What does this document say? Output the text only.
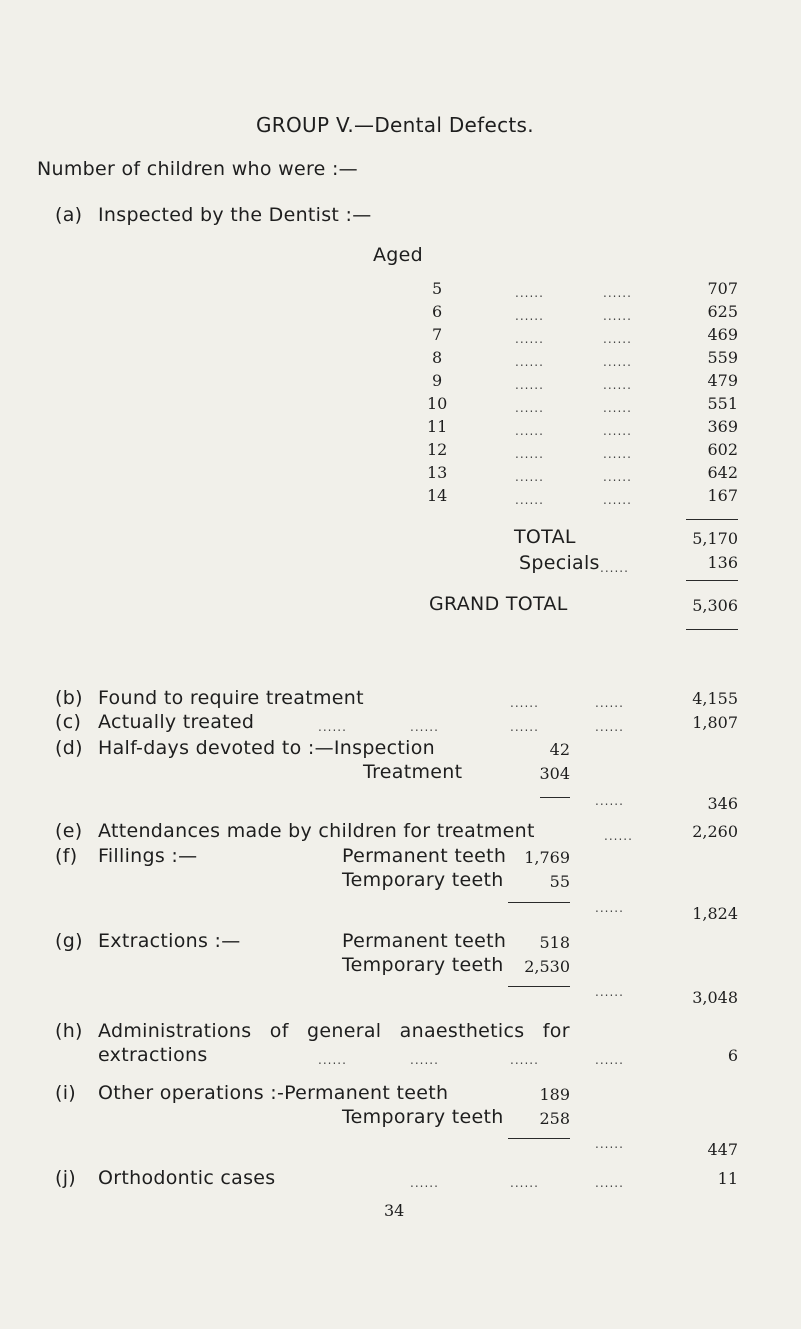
GROUP V.—Dental Defects.
Number of children who were :—
(a) Inspected by the Dentist :—
Aged
5	......	......	707
6	......	......	625
7	......	......	469
8	......	......	559
9	......	......	479
10	......	......	551
11	......	......	369
12	......	......	602
13	......	......	642
14	......	......	167
TOTAL	5,170
Specials ......	136
GRAND TOTAL	5,306
(b) Found to require treatment	......	......	4,155
(c) Actually treated	......	......	......	......	1,807
(d) Half-days devoted to :—Inspection	42
Treatment	304
......	346
(e) Attendances made by children for treatment	......	2,260
(f) Fillings :—	Permanent teeth	1,769
Temporary teeth	55
......	1,824
(g) Extractions :—	Permanent teeth	518
Temporary teeth	2,530
......	3,048
(h) Administrations of general anaesthetics for
extractions	......	......	......	......	6
(i) Other operations :-Permanent teeth	189
Temporary teeth	258
......	447
(j) Orthodontic cases	......	......	......	11
34
